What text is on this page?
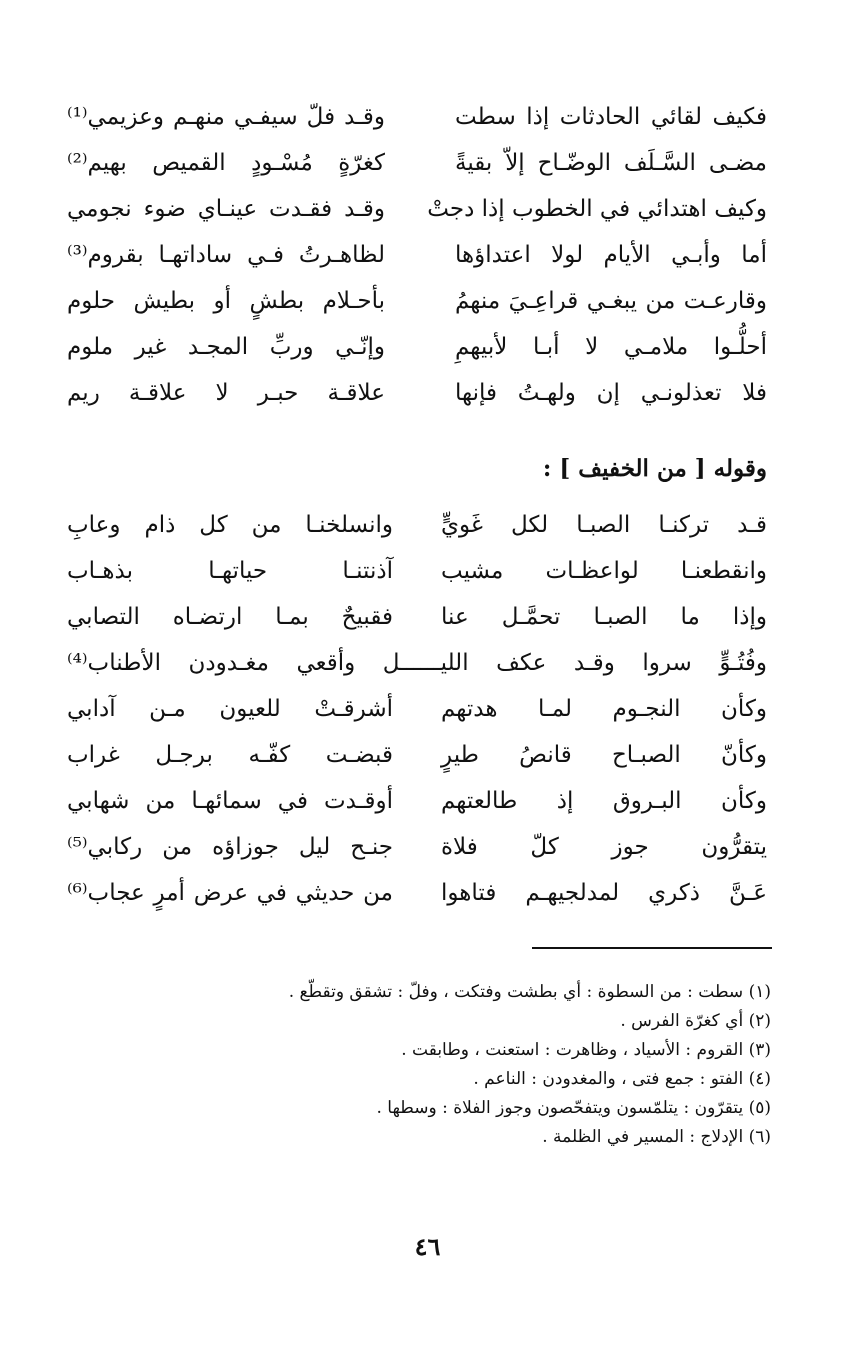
فكيف لقائي الحادثات إذا سطت
وقـد فلّ سيفـي منهـم وعزيمي⁽¹⁾
مضـى السَّـلَف الوضّـاح إلاّ بقيةً
كغرّةٍ مُسْـودٍ القميص بهيم⁽²⁾
وكيف اهتدائي في الخطوب إذا دجتْ
وقـد فقـدت عينـاي ضوء نجومي
أما وأبـي الأيام لولا اعتداؤها
لظاهـرتُ فـي ساداتهـا بقروم⁽³⁾
وقارعـت من يبغـي قراعِـيَ منهمُ
بأحـلام بطشٍ أو بطيش حلوم
أحلُّـوا ملامـي لا أبـا لأبيهمِ
وإنّـي وربِّ المجـد غير ملوم
فلا تعذلونـي إن ولهـتُ فإنها
علاقـة حبـر لا علاقـة ريم
وقوله [ من الخفيف ] :
قـد تركنـا الصبـا لكل غَويٍّ
وانسلخنـا من كل ذام وعابِ
وانقطعنـا لواعظـات مشيب
آذنتنـا حياتهـا بذهـاب
وإذا ما الصبـا تحمَّـل عنا
فقبيحٌ بمـا ارتضـاه التصابي
وفُتُـوٍّ سروا وقـد عكف الليــــــل وأقعي مغـدودن الأطناب⁽⁴⁾
وكأن النجـوم لمـا هدتهم
أشرقـتْ للعيون مـن آدابي
وكأنّ الصبـاح قانصُ طيرٍ
قبضـت كفّـه برجـل غراب
وكأن البـروق إذ طالعتهم
أوقـدت في سمائهـا من شهابي
يتقرُّون جوز كلّ فلاة
جنـح ليل جوزاؤه من ركابي⁽⁵⁾
عَـنَّ ذكري لمدلجيهـم فتاهوا
من حديثي في عرض أمرٍ عجاب⁽⁶⁾
(١) سطت : من السطوة : أي بطشت وفتكت ، وفلّ : تشقق وتقطّع .
(٢) أي كغرّة الفرس .
(٣) القروم : الأسياد ، وظاهرت : استعنت ، وطابقت .
(٤) الفتو : جمع فتى ، والمغدودن : الناعم .
(٥) يتقرّون : يتلمّسون ويتفحّصون وجوز الفلاة : وسطها .
(٦) الإدلاج : المسير في الظلمة .
٤٦
